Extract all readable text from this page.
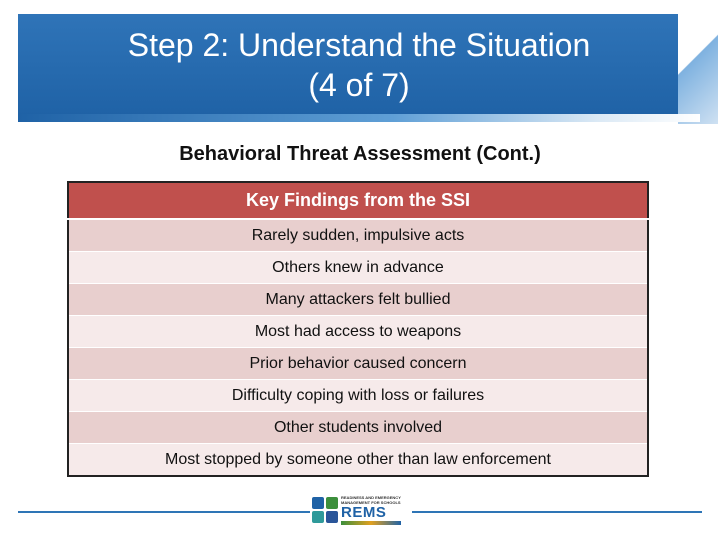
Step 2: Understand the Situation
(4 of 7)
Behavioral Threat Assessment (Cont.)
Key Findings from the SSI
Rarely sudden, impulsive acts
Others knew in advance
Many attackers felt bullied
Most had access to weapons
Prior behavior caused concern
Difficulty coping with loss or failures
Other students involved
Most stopped by someone other than law enforcement
READINESS AND EMERGENCY MANAGEMENT FOR SCHOOLS
REMS
